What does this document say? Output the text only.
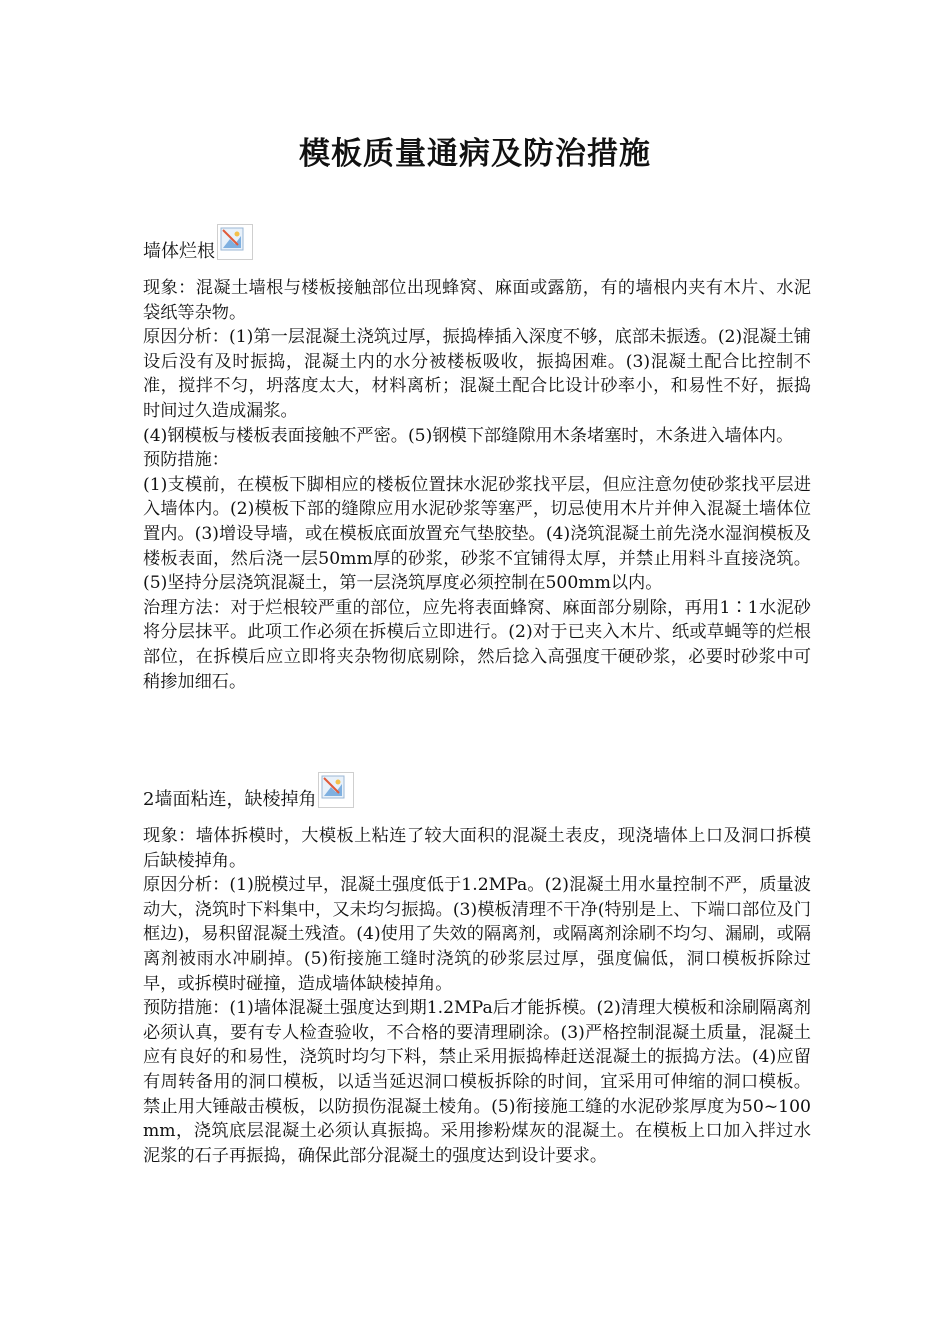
模板质量通病及防治措施
墙体烂根

现象：混凝土墙根与楼板接触部位出现蜂窝、麻面或露筋，有的墙根内夹有木片、水泥袋纸等杂物。

原因分析：(1)第一层混凝土浇筑过厚，振捣棒插入深度不够，底部未振透。(2)混凝土铺设后没有及时振捣，混凝土内的水分被楼板吸收，振捣困难。(3)混凝土配合比控制不准，搅拌不匀，坍落度太大，材料离析；混凝土配合比设计砂率小，和易性不好，振捣时间过久造成漏浆。

(4)钢模板与楼板表面接触不严密。(5)钢模下部缝隙用木条堵塞时，木条进入墙体内。

预防措施：

(1)支模前，在模板下脚相应的楼板位置抹水泥砂浆找平层，但应注意勿使砂浆找平层进入墙体内。(2)模板下部的缝隙应用水泥砂浆等塞严，切忌使用木片并伸入混凝土墙体位置内。(3)增设导墙，或在模板底面放置充气垫胶垫。(4)浇筑混凝土前先浇水湿润模板及楼板表面，然后浇一层50mm厚的砂浆，砂浆不宜铺得太厚，并禁止用料斗直接浇筑。(5)坚持分层浇筑混凝土，第一层浇筑厚度必须控制在500mm以内。

治理方法：对于烂根较严重的部位，应先将表面蜂窝、麻面部分剔除，再用1∶1水泥砂将分层抹平。此项工作必须在拆模后立即进行。(2)对于已夹入木片、纸或草蝇等的烂根部位，在拆模后应立即将夹杂物彻底剔除，然后捻入高强度干硬砂浆，必要时砂浆中可稍掺加细石。

2墙面粘连，缺棱掉角

现象：墙体拆模时，大模板上粘连了较大面积的混凝土表皮，现浇墙体上口及洞口拆模后缺棱掉角。

原因分析：(1)脱模过早，混凝土强度低于1.2MPa。(2)混凝土用水量控制不严，质量波动大，浇筑时下料集中，又未均匀振捣。(3)模板清理不干净(特别是上、下端口部位及门框边)，易积留混凝土残渣。(4)使用了失效的隔离剂，或隔离剂涂刷不均匀、漏刷，或隔离剂被雨水冲刷掉。(5)衔接施工缝时浇筑的砂浆层过厚，强度偏低，洞口模板拆除过早，或拆模时碰撞，造成墙体缺棱掉角。

预防措施：(1)墙体混凝土强度达到期1.2MPa后才能拆模。(2)清理大模板和涂刷隔离剂必须认真，要有专人检查验收，不合格的要清理刷涂。(3)严格控制混凝土质量，混凝土应有良好的和易性，浇筑时均匀下料，禁止采用振捣棒赶送混凝土的振捣方法。(4)应留有周转备用的洞口模板，以适当延迟洞口模板拆除的时间，宜采用可伸缩的洞口模板。禁止用大锤敲击模板，以防损伤混凝土棱角。(5)衔接施工缝的水泥砂浆厚度为50~100mm，浇筑底层混凝土必须认真振捣。采用掺粉煤灰的混凝土。在模板上口加入拌过水泥浆的石子再振捣，确保此部分混凝土的强度达到设计要求。
